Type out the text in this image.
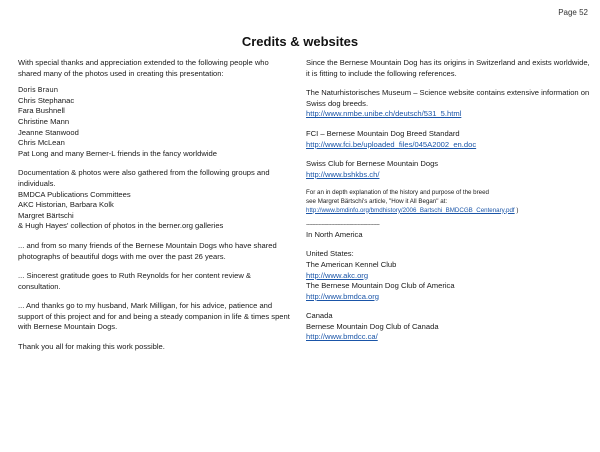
Page 52
Credits & websites

With special thanks and appreciation extended to the following people who shared many of the photos used in creating this presentation:

Doris Braun

Chris Stephanac

Fara Bushnell

Christine Mann

Jeanne Stanwood

Chris McLean

Pat Long and many Berner-L friends in the fancy worldwide

Documentation & photos were also gathered from the following groups and individuals.

BMDCA Publications Committees

AKC Historian, Barbara Kolk

Margret Bärtschi

& Hugh Hayes' collection of photos in the berner.org galleries

... and from so many friends of the Bernese Mountain Dogs who have shared photographs of beautiful dogs with me over the past 26 years.

... Sincerest gratitude goes to Ruth Reynolds for her content review & consultation.

... And thanks go to my husband, Mark Milligan, for his advice, patience and support of this project and for and being a steady companion in life & times spent with Bernese Mountain Dogs.

Thank you all for making this work possible.

Since the Bernese Mountain Dog has its origins in Switzerland and exists worldwide, it is fitting to include the following references.

The Naturhistorisches Museum – Science website contains extensive information on Swiss dog breeds.

http://www.nmbe.unibe.ch/deutsch/531_5.html

FCI – Bernese Mountain Dog Breed Standard

http://www.fci.be/uploaded_files/045A2002_en.doc

Swiss Club for Bernese Mountain Dogs

http://www.bshkbs.ch/
For an in depth explanation of the history and purpose of the breed
see Margret Bärtschi's article, "How it All Began" at:
http://www.bmdinfo.org/bmdhistory/2006_Bartschi_BMDCGB_Centenary.pdf )

-----------------------------------------------

In North America

United States:

The American Kennel Club

http://www.akc.org

The Bernese Mountain Dog Club of America

http://www.bmdca.org

Canada

Bernese Mountain Dog Club of Canada

http://www.bmdcc.ca/
